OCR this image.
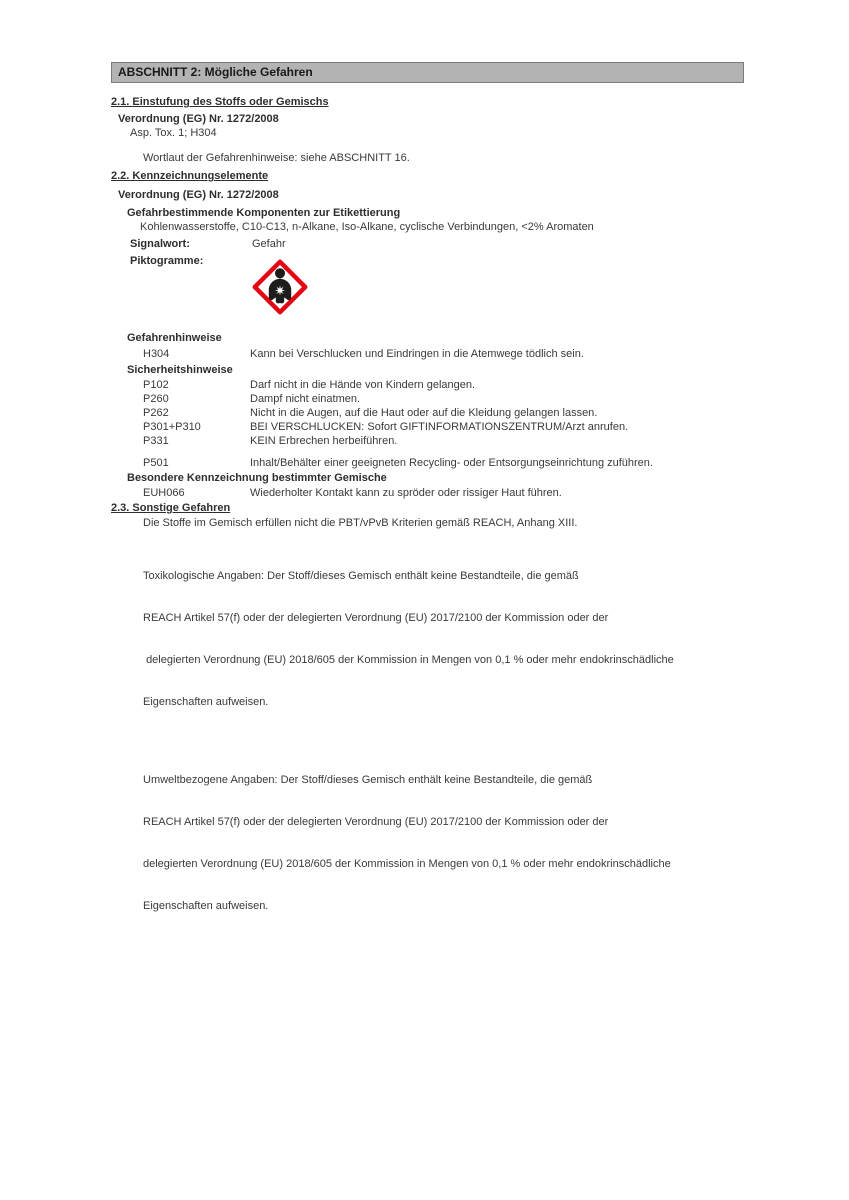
ABSCHNITT 2: Mögliche Gefahren
2.1. Einstufung des Stoffs oder Gemischs
Verordnung (EG) Nr. 1272/2008
Asp. Tox. 1; H304
Wortlaut der Gefahrenhinweise: siehe ABSCHNITT 16.
2.2. Kennzeichnungselemente
Verordnung (EG) Nr. 1272/2008
Gefahrbestimmende Komponenten zur Etikettierung
Kohlenwasserstoffe, C10-C13, n-Alkane, Iso-Alkane, cyclische Verbindungen, <2% Aromaten
Signalwort:	Gefahr
Piktogramme:
Gefahrenhinweise
H304	Kann bei Verschlucken und Eindringen in die Atemwege tödlich sein.
Sicherheitshinweise
P102	Darf nicht in die Hände von Kindern gelangen.
P260	Dampf nicht einatmen.
P262	Nicht in die Augen, auf die Haut oder auf die Kleidung gelangen lassen.
P301+P310	BEI VERSCHLUCKEN: Sofort GIFTINFORMATIONSZENTRUM/Arzt anrufen.
P331	KEIN Erbrechen herbeiführen.
P501	Inhalt/Behälter einer geeigneten Recycling- oder Entsorgungseinrichtung zuführen.
Besondere Kennzeichnung bestimmter Gemische
EUH066	Wiederholter Kontakt kann zu spröder oder rissiger Haut führen.
2.3. Sonstige Gefahren
Die Stoffe im Gemisch erfüllen nicht die PBT/vPvB Kriterien gemäß REACH, Anhang XIII.

Toxikologische Angaben: Der Stoff/dieses Gemisch enthält keine Bestandteile, die gemäß

REACH Artikel 57(f) oder der delegierten Verordnung (EU) 2017/2100 der Kommission oder der

delegierten Verordnung (EU) 2018/605 der Kommission in Mengen von 0,1 % oder mehr endokrinschädliche

Eigenschaften aufweisen.

Umweltbezogene Angaben: Der Stoff/dieses Gemisch enthält keine Bestandteile, die gemäß

REACH Artikel 57(f) oder der delegierten Verordnung (EU) 2017/2100 der Kommission oder der

delegierten Verordnung (EU) 2018/605 der Kommission in Mengen von 0,1 % oder mehr endokrinschädliche

Eigenschaften aufweisen.
